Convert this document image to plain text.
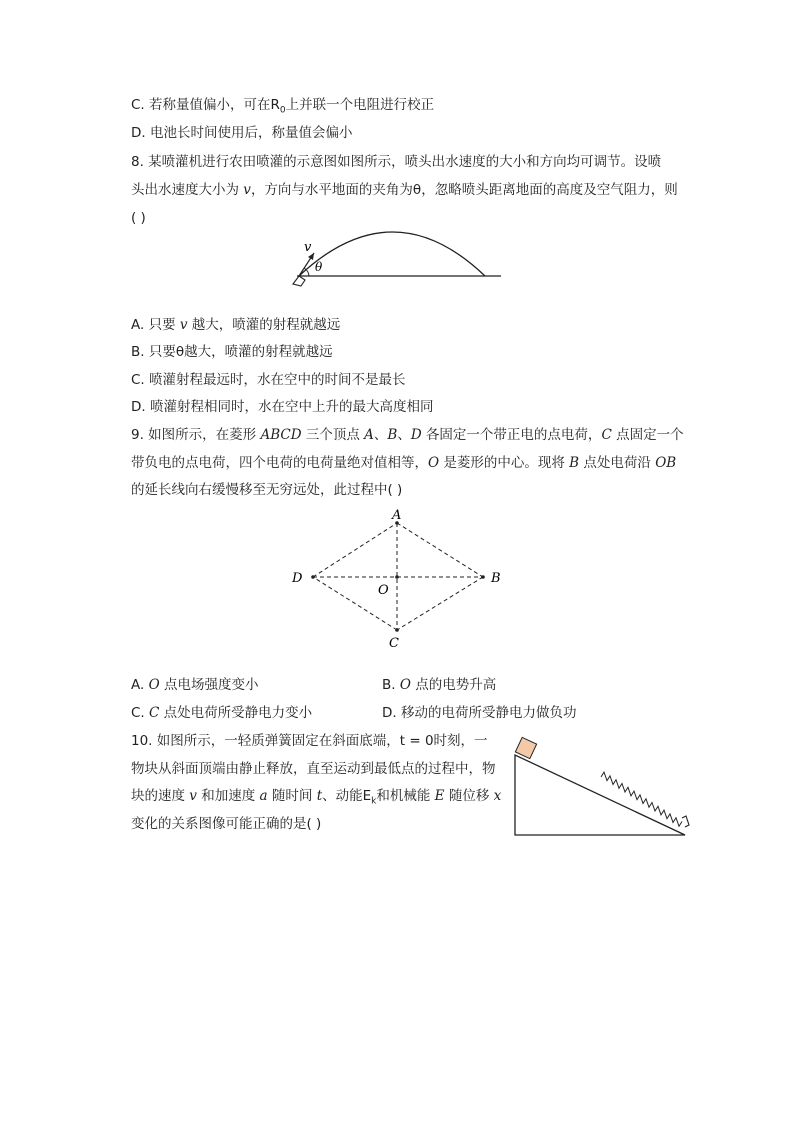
C. 若称量值偏小，可在$R_0$上并联一个电阻进行校正
D. 电池长时间使用后，称量值会偏小
8. 某喷灌机进行农田喷灌的示意图如图所示，喷头出水速度的大小和方向均可调节。设喷
头出水速度大小为 v，方向与水平地面的夹角为θ，忽略喷头距离地面的高度及空气阻力，则
( )
v
θ
A. 只要 v 越大，喷灌的射程就越远
B. 只要θ越大，喷灌的射程就越远
C. 喷灌射程最远时，水在空中的时间不是最长
D. 喷灌射程相同时，水在空中上升的最大高度相同
9. 如图所示，在菱形 ABCD 三个顶点 A、B、D 各固定一个带正电的点电荷，C 点固定一个
带负电的点电荷，四个电荷的电荷量绝对值相等，O 是菱形的中心。现将 B 点处电荷沿 OB
的延长线向右缓慢移至无穷远处，此过程中( )
A
B
C
D
O
A. O 点电场强度变小	B. O 点的电势升高
C. C 点处电荷所受静电力变小	D. 移动的电荷所受静电力做负功
10. 如图所示，一轻质弹簧固定在斜面底端，t = 0时刻，一
物块从斜面顶端由静止释放，直至运动到最低点的过程中，物
块的速度 v 和加速度 a 随时间 t、动能$E_k$和机械能 E 随位移 x
变化的关系图像可能正确的是( )
